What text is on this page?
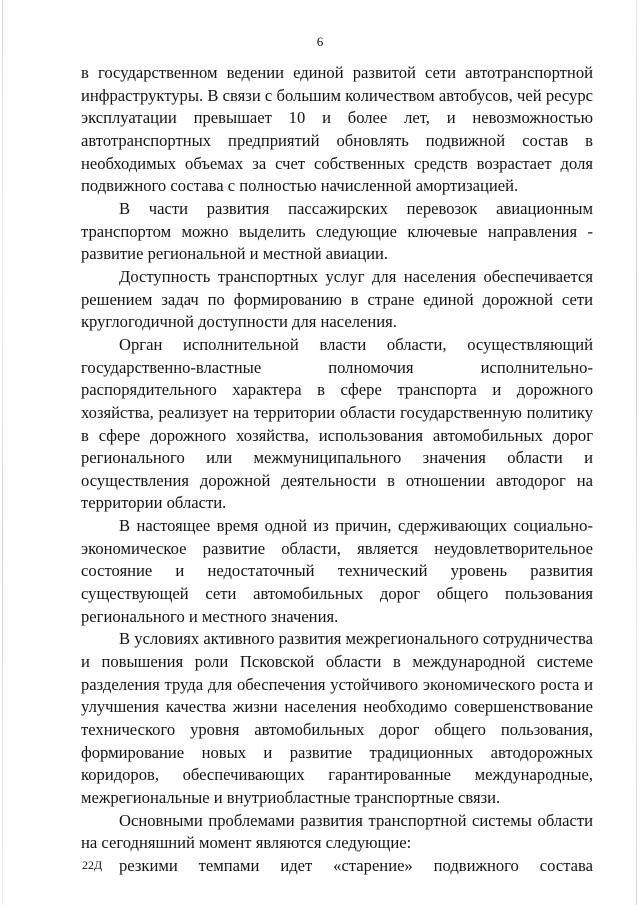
6

в государственном ведении единой развитой сети автотранспортной инфраструктуры. В связи с большим количеством автобусов, чей ресурс эксплуатации превышает 10 и более лет, и невозможностью автотранспортных предприятий обновлять подвижной состав в необходимых объемах за счет собственных средств возрастает доля подвижного состава с полностью начисленной амортизацией.

В части развития пассажирских перевозок авиационным транспортом можно выделить следующие ключевые направления - развитие региональной и местной авиации.

Доступность транспортных услуг для населения обеспечивается решением задач по формированию в стране единой дорожной сети круглогодичной доступности для населения.

Орган исполнительной власти области, осуществляющий государственно-властные полномочия исполнительно-распорядительного характера в сфере транспорта и дорожного хозяйства, реализует на территории области государственную политику в сфере дорожного хозяйства, использования автомобильных дорог регионального или межмуниципального значения области и осуществления дорожной деятельности в отношении автодорог на территории области.

В настоящее время одной из причин, сдерживающих социально-экономическое развитие области, является неудовлетворительное состояние и недостаточный технический уровень развития существующей сети автомобильных дорог общего пользования регионального и местного значения.

В условиях активного развития межрегионального сотрудничества и повышения роли Псковской области в международной системе разделения труда для обеспечения устойчивого экономического роста и улучшения качества жизни населения необходимо совершенствование технического уровня автомобильных дорог общего пользования, формирование новых и развитие традиционных автодорожных коридоров, обеспечивающих гарантированные международные, межрегиональные и внутриобластные транспортные связи.

Основными проблемами развития транспортной системы области на сегодняшний момент являются следующие:

резкими темпами идет «старение» подвижного состава

22Д
